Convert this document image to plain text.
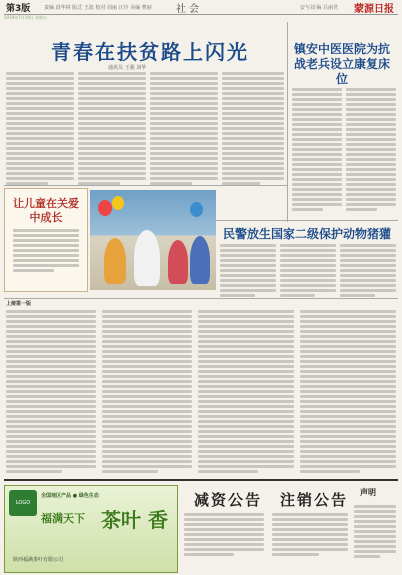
第3版	责编 段华林 版式 王波 校对 周丽 汪玲 美编 曹丽 社会	安与刘 编 吕丽君 蒙源日报
2019年7月19日 星期五
青春在扶贫路上闪光
通讯员 王强 刘华
镇安中医医院为抗战老兵设立康复床位
让儿童在关爱中成长
民警放生国家二级保护动物猪獾
上接第一版
LOGO
全国地区产品 ● 绿色生态
福满天下 茶叶 香
陕西福满茶叶有限公司
减资公告 注销公告 声明
